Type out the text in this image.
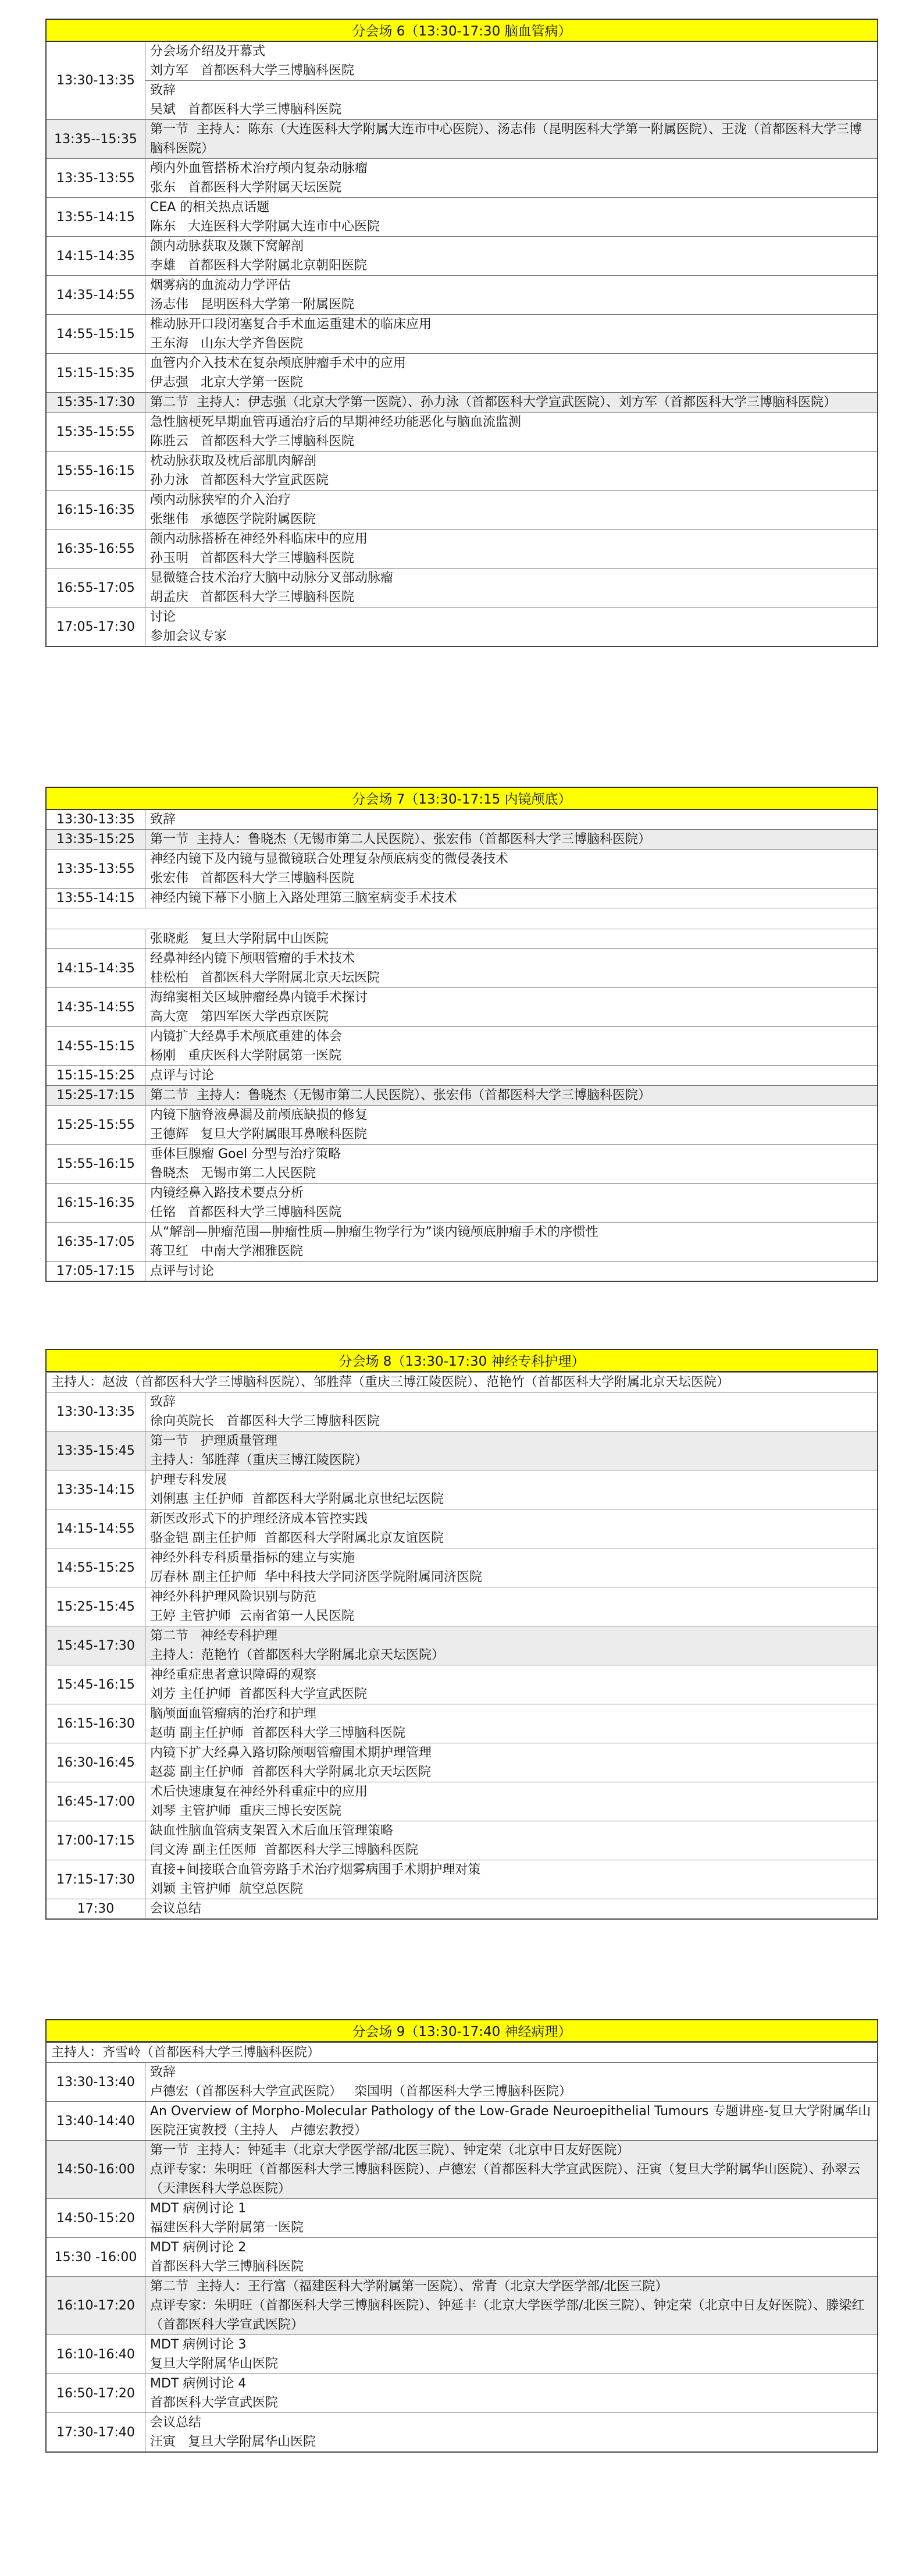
分会场 6（13:30-17:30 脑血管病）
13:30-13:35
分会场介绍及开幕式
刘方军   首都医科大学三博脑科医院
致辞
吴斌   首都医科大学三博脑科医院
13:35--15:35
第一节  主持人：陈东（大连医科大学附属大连市中心医院）、汤志伟（昆明医科大学第一附属医院）、王泷（首都医科大学三博脑科医院）
13:35-13:55
颅内外血管搭桥术治疗颅内复杂动脉瘤
张东   首都医科大学附属天坛医院
13:55-14:15
CEA 的相关热点话题
陈东   大连医科大学附属大连市中心医院
14:15-14:35
颌内动脉获取及颞下窝解剖
李雄   首都医科大学附属北京朝阳医院
14:35-14:55
烟雾病的血流动力学评估
汤志伟   昆明医科大学第一附属医院
14:55-15:15
椎动脉开口段闭塞复合手术血运重建术的临床应用
王东海   山东大学齐鲁医院
15:15-15:35
血管内介入技术在复杂颅底肿瘤手术中的应用
伊志强   北京大学第一医院
15:35-17:30	第二节  主持人：伊志强（北京大学第一医院）、孙力泳（首都医科大学宣武医院）、刘方军（首都医科大学三博脑科医院）
15:35-15:55
急性脑梗死早期血管再通治疗后的早期神经功能恶化与脑血流监测
陈胜云   首都医科大学三博脑科医院
15:55-16:15
枕动脉获取及枕后部肌肉解剖
孙力泳   首都医科大学宣武医院
16:15-16:35
颅内动脉狭窄的介入治疗
张继伟   承德医学院附属医院
16:35-16:55
颌内动脉搭桥在神经外科临床中的应用
孙玉明   首都医科大学三博脑科医院
16:55-17:05
显微缝合技术治疗大脑中动脉分叉部动脉瘤
胡孟庆   首都医科大学三博脑科医院
17:05-17:30
讨论
参加会议专家
分会场 7（13:30-17:15 内镜颅底）
13:30-13:35	致辞
13:35-15:25	第一节  主持人：鲁晓杰（无锡市第二人民医院）、张宏伟（首都医科大学三博脑科医院）
13:35-13:55
神经内镜下及内镜与显微镜联合处理复杂颅底病变的微侵袭技术
张宏伟   首都医科大学三博脑科医院
13:55-14:15	神经内镜下幕下小脑上入路处理第三脑室病变手术技术
张晓彪   复旦大学附属中山医院
14:15-14:35
经鼻神经内镜下颅咽管瘤的手术技术
桂松柏   首都医科大学附属北京天坛医院
14:35-14:55
海绵窦相关区域肿瘤经鼻内镜手术探讨
高大宽   第四军医大学西京医院
14:55-15:15
内镜扩大经鼻手术颅底重建的体会
杨刚   重庆医科大学附属第一医院
15:15-15:25	点评与讨论
15:25-17:15	第二节  主持人：鲁晓杰（无锡市第二人民医院）、张宏伟（首都医科大学三博脑科医院）
15:25-15:55
内镜下脑脊液鼻漏及前颅底缺损的修复
王德辉   复旦大学附属眼耳鼻喉科医院
15:55-16:15
垂体巨腺瘤 Goel 分型与治疗策略
鲁晓杰   无锡市第二人民医院
16:15-16:35
内镜经鼻入路技术要点分析
任铭   首都医科大学三博脑科医院
16:35-17:05
从“解剖—肿瘤范围—肿瘤性质—肿瘤生物学行为”谈内镜颅底肿瘤手术的序惯性
蒋卫红   中南大学湘雅医院
17:05-17:15	点评与讨论
分会场 8（13:30-17:30 神经专科护理）
主持人：赵波（首都医科大学三博脑科医院）、邹胜萍（重庆三博江陵医院）、范艳竹（首都医科大学附属北京天坛医院）
13:30-13:35
致辞
徐向英院长   首都医科大学三博脑科医院
13:35-15:45
第一节   护理质量管理
主持人：邹胜萍（重庆三博江陵医院）
13:35-14:15
护理专科发展
刘俐惠 主任护师  首都医科大学附属北京世纪坛医院
14:15-14:55
新医改形式下的护理经济成本管控实践
骆金铠 副主任护师  首都医科大学附属北京友谊医院
14:55-15:25
神经外科专科质量指标的建立与实施
厉春林 副主任护师  华中科技大学同济医学院附属同济医院
15:25-15:45
神经外科护理风险识别与防范
王婷 主管护师  云南省第一人民医院
15:45-17:30
第二节   神经专科护理
主持人：范艳竹（首都医科大学附属北京天坛医院）
15:45-16:15
神经重症患者意识障碍的观察
刘芳 主任护师  首都医科大学宣武医院
16:15-16:30
脑颅面血管瘤病的治疗和护理
赵萌 副主任护师  首都医科大学三博脑科医院
16:30-16:45
内镜下扩大经鼻入路切除颅咽管瘤围术期护理管理
赵蕊 副主任护师  首都医科大学附属北京天坛医院
16:45-17:00
术后快速康复在神经外科重症中的应用
刘琴 主管护师  重庆三博长安医院
17:00-17:15
缺血性脑血管病支架置入术后血压管理策略
闫文涛 副主任医师  首都医科大学三博脑科医院
17:15-17:30
直接+间接联合血管旁路手术治疗烟雾病围手术期护理对策
刘颖 主管护师  航空总医院
17:30	会议总结
分会场 9（13:30-17:40 神经病理）
主持人：齐雪岭（首都医科大学三博脑科医院）
13:30-13:40
致辞
卢德宏（首都医科大学宣武医院）   栾国明（首都医科大学三博脑科医院）
13:40-14:40
An Overview of Morpho-Molecular Pathology of the Low-Grade Neuroepithelial Tumours 专题讲座-复旦大学附属华山医院汪寅教授（主持人   卢德宏教授）
14:50-16:00
第一节  主持人：钟延丰（北京大学医学部/北医三院）、钟定荣（北京中日友好医院）
点评专家：朱明旺（首都医科大学三博脑科医院）、卢德宏（首都医科大学宣武医院）、汪寅（复旦大学附属华山医院）、孙翠云（天津医科大学总医院）
14:50-15:20
MDT 病例讨论 1
福建医科大学附属第一医院
15:30 -16:00
MDT 病例讨论 2
首都医科大学三博脑科医院
16:10-17:20
第二节  主持人：王行富（福建医科大学附属第一医院）、常青（北京大学医学部/北医三院）
点评专家：朱明旺（首都医科大学三博脑科医院）、钟延丰（北京大学医学部/北医三院）、钟定荣（北京中日友好医院）、滕梁红（首都医科大学宣武医院）
16:10-16:40
MDT 病例讨论 3
复旦大学附属华山医院
16:50-17:20
MDT 病例讨论 4
首都医科大学宣武医院
17:30-17:40
会议总结
汪寅   复旦大学附属华山医院
